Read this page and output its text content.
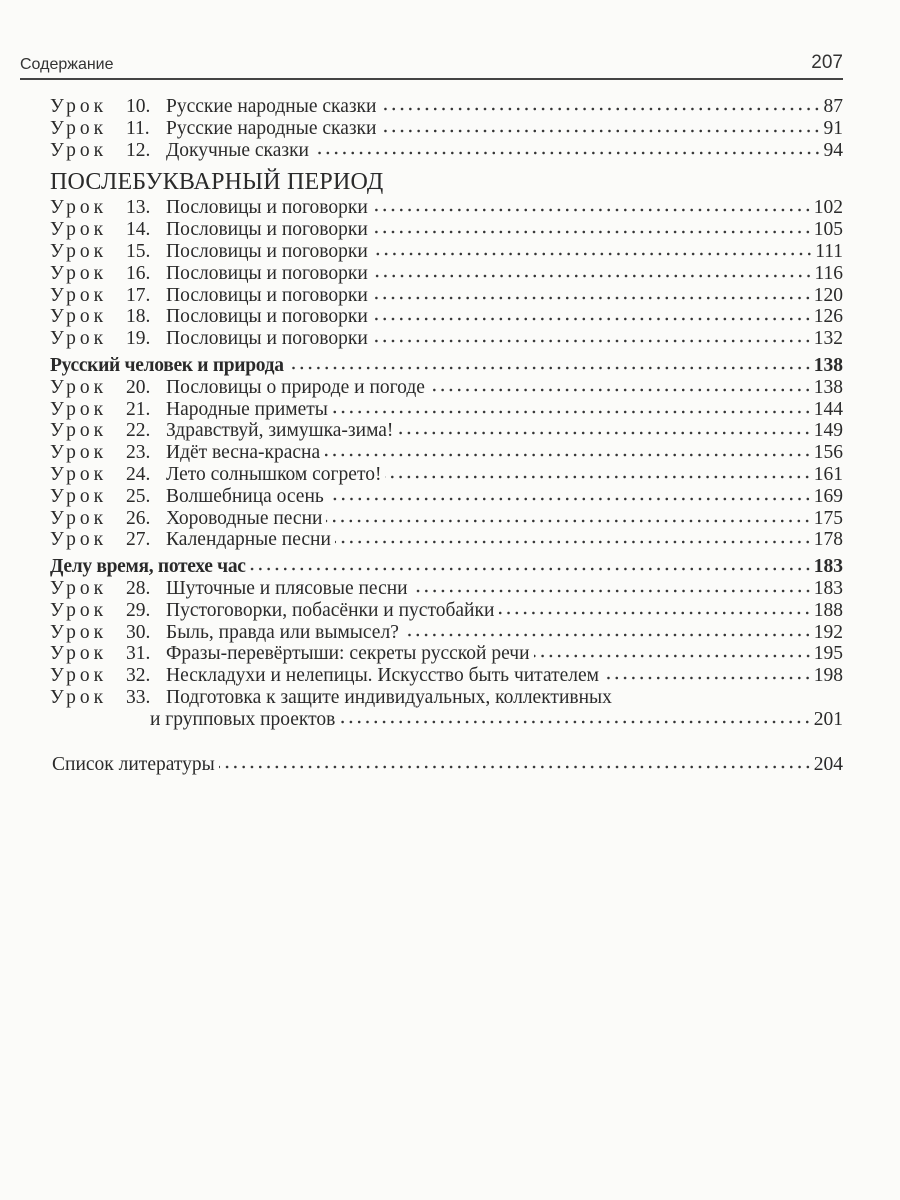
Содержание	207
Урок 10. Русские народные сказки	87
Урок 11. Русские народные сказки	91
Урок 12. Докучные сказки	94
ПОСЛЕБУКВАРНЫЙ ПЕРИОД
Урок 13. Пословицы и поговорки	102
Урок 14. Пословицы и поговорки	105
Урок 15. Пословицы и поговорки	111
Урок 16. Пословицы и поговорки	116
Урок 17. Пословицы и поговорки	120
Урок 18. Пословицы и поговорки	126
Урок 19. Пословицы и поговорки	132
Русский человек и природа	138
Урок 20. Пословицы о природе и погоде	138
Урок 21. Народные приметы	144
Урок 22. Здравствуй, зимушка-зима!	149
Урок 23. Идёт весна-красна	156
Урок 24. Лето солнышком согрето!	161
Урок 25. Волшебница осень	169
Урок 26. Хороводные песни	175
Урок 27. Календарные песни	178
Делу время, потехе час	183
Урок 28. Шуточные и плясовые песни	183
Урок 29. Пустоговорки, побасёнки и пустобайки	188
Урок 30. Быль, правда или вымысел?	192
Урок 31. Фразы-перевёртыши: секреты русской речи	195
Урок 32. Нескладухи и нелепицы. Искусство быть читателем	198
Урок 33. Подготовка к защите индивидуальных, коллективных
и групповых проектов	201
Список литературы	204
